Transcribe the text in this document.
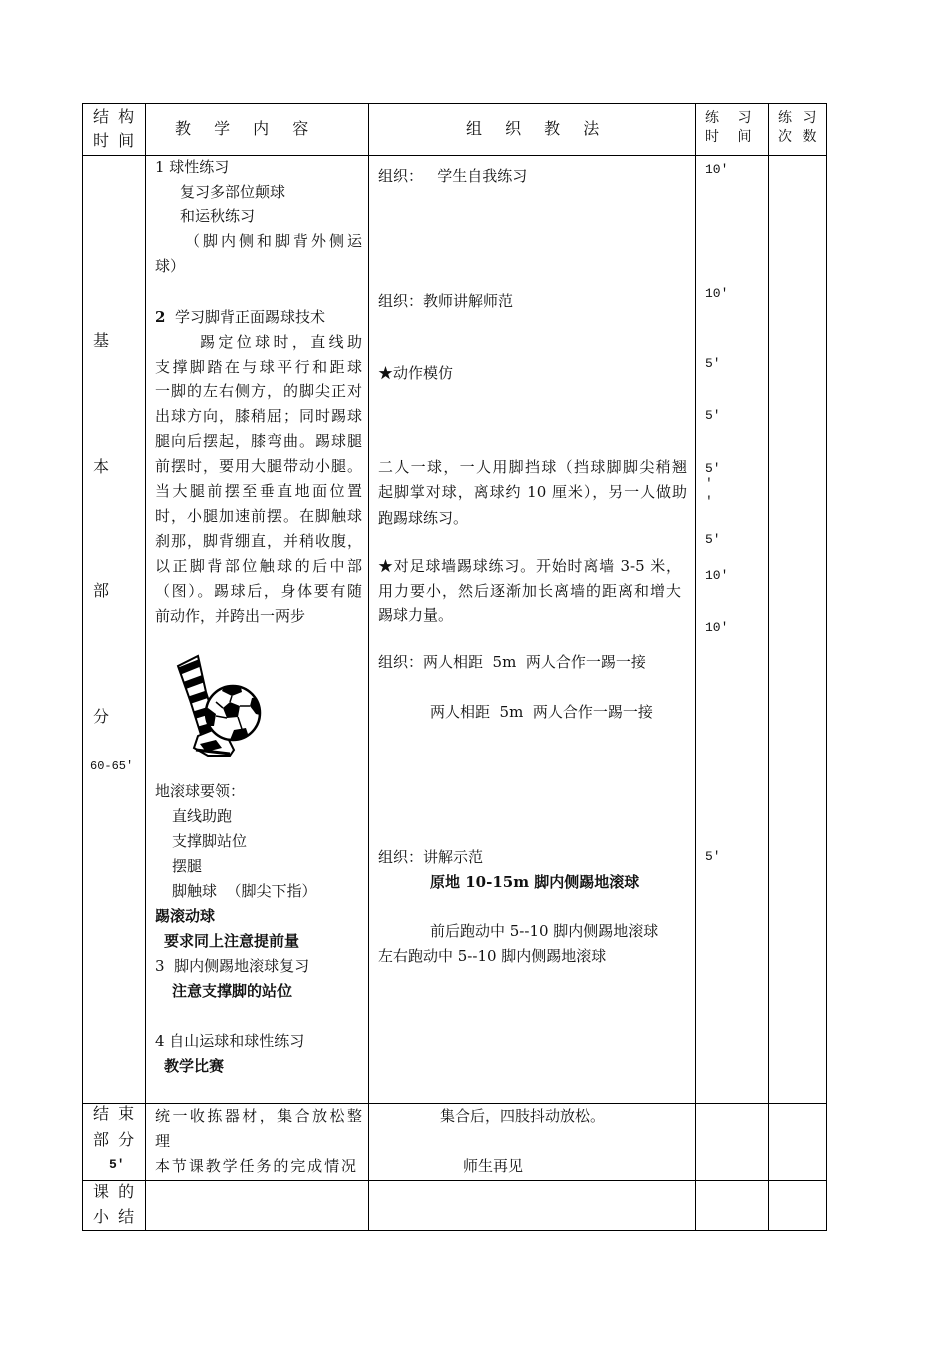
结 构
时 间
教 学 内 容	组 织 教 法
练 习
时 间
练 习
次 数
基
本
部
分
60-65′
1 球性练习
复习多部位颠球
和运秋练习
（脚内侧和脚背外侧运
球）
2  学习脚背正面踢球技术
踢定位球时，直线助
支撑脚踏在与球平行和距球
一脚的左右侧方，的脚尖正对
出球方向，膝稍屈；同时踢球
腿向后摆起，膝弯曲。踢球腿
前摆时，要用大腿带动小腿。
当大腿前摆至垂直地面位置
时，小腿加速前摆。在脚触球
刹那，脚背绷直，并稍收腹，
以正脚背部位触球的后中部
（图）。踢球后，身体要有随
前动作，并跨出一两步
地滚球要领：
直线助跑
支撑脚站位
摆腿
脚触球  （脚尖下指）
踢滚动球
要求同上注意提前量
3  脚内侧踢地滚球复习
注意支撑脚的站位
4 自山运球和球性练习
教学比赛
组织：   学生自我练习
组织：教师讲解师范
★动作模仿
二人一球，一人用脚挡球（挡球脚脚尖稍翘
起脚掌对球，离球约 10 厘米），另一人做助
跑踢球练习。
★对足球墙踢球练习。开始时离墙 3-5 米，
用力要小，然后逐渐加长离墙的距离和增大
踢球力量。
组织：两人相距  5m  两人合作一踢一接
两人相距  5m  两人合作一踢一接
组织：讲解示范
原地 10-15m 脚内侧踢地滚球
前后跑动中 5--10 脚内侧踢地滚球
左右跑动中 5--10 脚内侧踢地滚球
10′
10′
5′
5′
5′
′
′
5′
10′
10′
5′
结 束
部 分
5′
统一收拣器材，集合放松整
理
本节课教学任务的完成情况
集合后，四肢抖动放松。
师生再见
课 的
小 结
